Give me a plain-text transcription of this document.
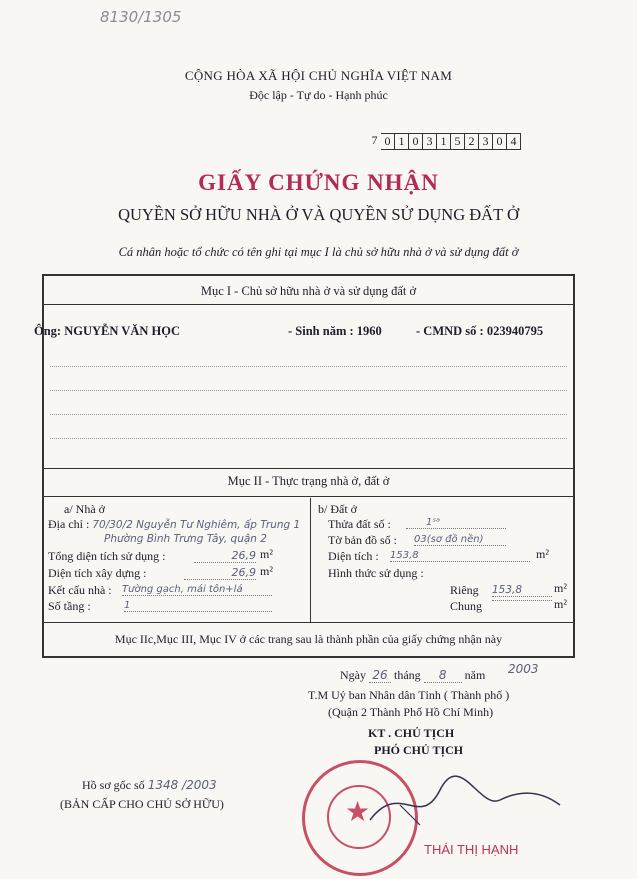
8130/1305
CỘNG HÒA XÃ HỘI CHỦ NGHĨA VIỆT NAM
Độc lập - Tự do - Hạnh phúc
7 0 1 0 3 1 5 2 3 0 4
GIẤY CHỨNG NHẬN
QUYỀN SỞ HỮU NHÀ Ở VÀ QUYỀN SỬ DỤNG ĐẤT Ở
Cá nhân hoặc tổ chức có tên ghi tại mục I là chủ sở hữu nhà ở và sử dụng đất ở
Mục I - Chủ sở hữu nhà ở và sử dụng đất ở
Ông: NGUYỄN VĂN HỌC	- Sinh năm : 1960	- CMND số : 023940795
Mục II - Thực trạng nhà ở, đất ở
a/ Nhà ở
Địa chỉ : 70/30/2 Nguyễn Tư Nghiêm, ấp Trung 1
Phường Bình Trưng Tây, quận 2
Tổng diện tích sử dụng :	26,9 m²
Diện tích xây dựng :	26,9 m²
Kết cấu nhà : Tường gạch, mái tôn+lá
Số tầng :	1
b/ Đất ở
Thửa đất số :	1ˢᵃ
Tờ bản đồ số : 03(sơ đồ nền)
Diện tích : 153,8	m²
Hình thức sử dụng :
Riêng 153,8	m²
Chung	m²
Mục IIc,Mục III, Mục IV ở các trang sau là thành phần của giấy chứng nhận này
Ngày 26 tháng 8 năm 2003
T.M Uỷ ban Nhân dân Tỉnh ( Thành phố )
(Quận 2 Thành Phố Hồ Chí Minh)
KT . CHỦ TỊCH
PHÓ CHỦ TỊCH
Hồ sơ gốc số 1348 /2003
(BẢN CẤP CHO CHỦ SỞ HỮU)	★
THÁI THỊ HẠNH
